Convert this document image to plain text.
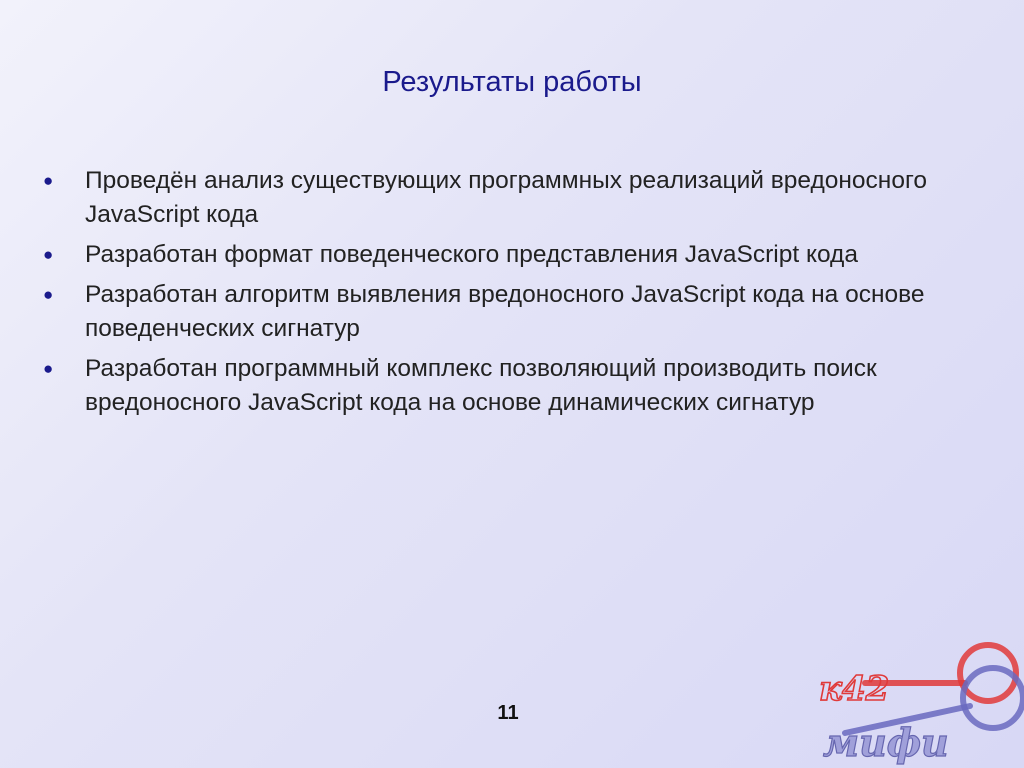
Результаты работы
●	Проведён анализ существующих программных реализаций вредоносного JavaScript кода
●	Разработан формат поведенческого представления JavaScript кода
●	Разработан алгоритм выявления вредоносного JavaScript кода на основе поведенческих сигнатур
●	Разработан программный комплекс позволяющий производить поиск вредоносного JavaScript кода на основе динамических сигнатур
11
к42
мифи
